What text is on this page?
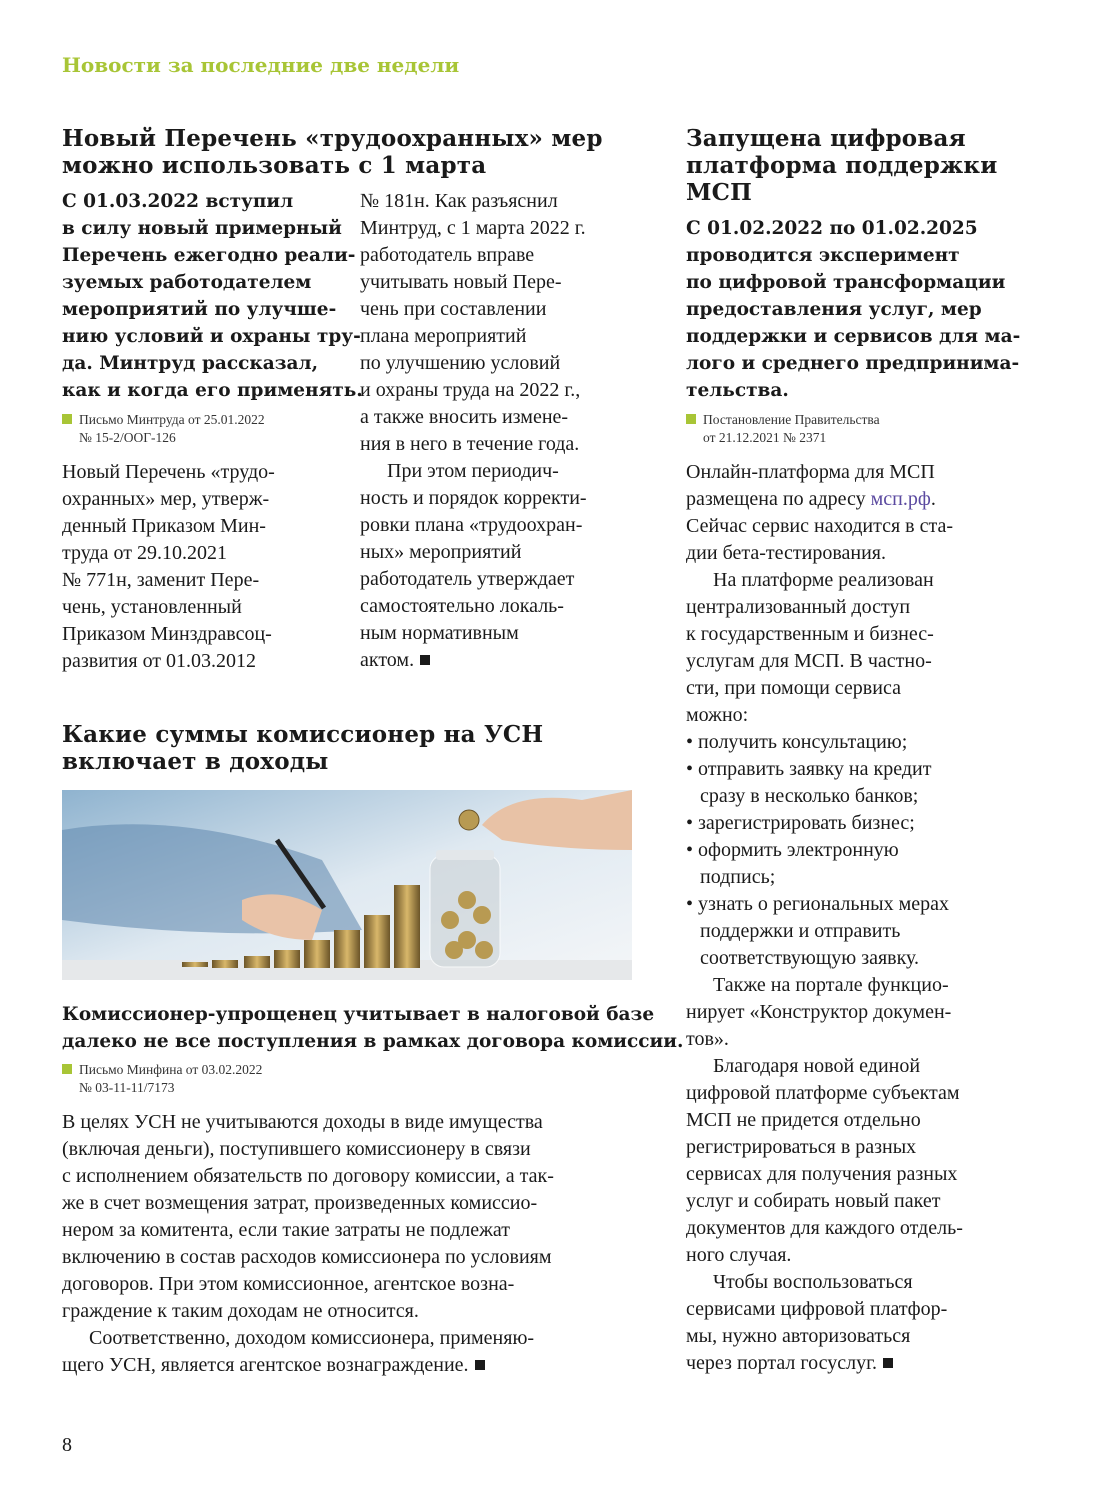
Новости за последние две недели
Новый Перечень «трудоохранных» мер
можно использовать с 1 марта
С 01.03.2022 вступил
в силу новый примерный
Перечень ежегодно реали-
зуемых работодателем
мероприятий по улучше-
нию условий и охраны тру-
да. Минтруд рассказал,
как и когда его применять.
Письмо Минтруда от 25.01.2022
№ 15-2/ООГ-126
Новый Перечень «трудо-
охранных» мер, утверж-
денный Приказом Мин-
труда от 29.10.2021
№ 771н, заменит Пере-
чень, установленный
Приказом Минздравсоц-
развития от 01.03.2012
№ 181н. Как разъяснил
Минтруд, с 1 марта 2022 г.
работодатель вправе
учитывать новый Пере-
чень при составлении
плана мероприятий
по улучшению условий
и охраны труда на 2022 г.,
а также вносить измене-
ния в него в течение года.
При этом периодич-
ность и порядок корректи-
ровки плана «трудоохран-
ных» мероприятий
работодатель утверждает
самостоятельно локаль-
ным нормативным
актом.
Какие суммы комиссионер на УСН
включает в доходы
Комиссионер-упрощенец учитывает в налоговой базе
далеко не все поступления в рамках договора комиссии.
Письмо Минфина от 03.02.2022
№ 03-11-11/7173
В целях УСН не учитываются доходы в виде имущества
(включая деньги), поступившего комиссионеру в связи
с исполнением обязательств по договору комиссии, а так-
же в счет возмещения затрат, произведенных комиссио-
нером за комитента, если такие затраты не подлежат
включению в состав расходов комиссионера по условиям
договоров. При этом комиссионное, агентское возна-
граждение к таким доходам не относится.
Соответственно, доходом комиссионера, применяю-
щего УСН, является агентское вознаграждение.
Запущена цифровая
платформа поддержки
МСП
С 01.02.2022 по 01.02.2025
проводится эксперимент
по цифровой трансформации
предоставления услуг, мер
поддержки и сервисов для ма-
лого и среднего предпринима-
тельства.
Постановление Правительства
от 21.12.2021 № 2371
Онлайн-платформа для МСП
размещена по адресу мсп.рф.
Сейчас сервис находится в ста-
дии бета-тестирования.
На платформе реализован
централизованный доступ
к государственным и бизнес-
услугам для МСП. В частно-
сти, при помощи сервиса
можно:
• получить консультацию;
• отправить заявку на кредит
сразу в несколько банков;
• зарегистрировать бизнес;
• оформить электронную
подпись;
• узнать о региональных мерах
поддержки и отправить
соответствующую заявку.
Также на портале функцио-
нирует «Конструктор докумен-
тов».
Благодаря новой единой
цифровой платформе субъектам
МСП не придется отдельно
регистрироваться в разных
сервисах для получения разных
услуг и собирать новый пакет
документов для каждого отдель-
ного случая.
Чтобы воспользоваться
сервисами цифровой платфор-
мы, нужно авторизоваться
через портал госуслуг.
8
